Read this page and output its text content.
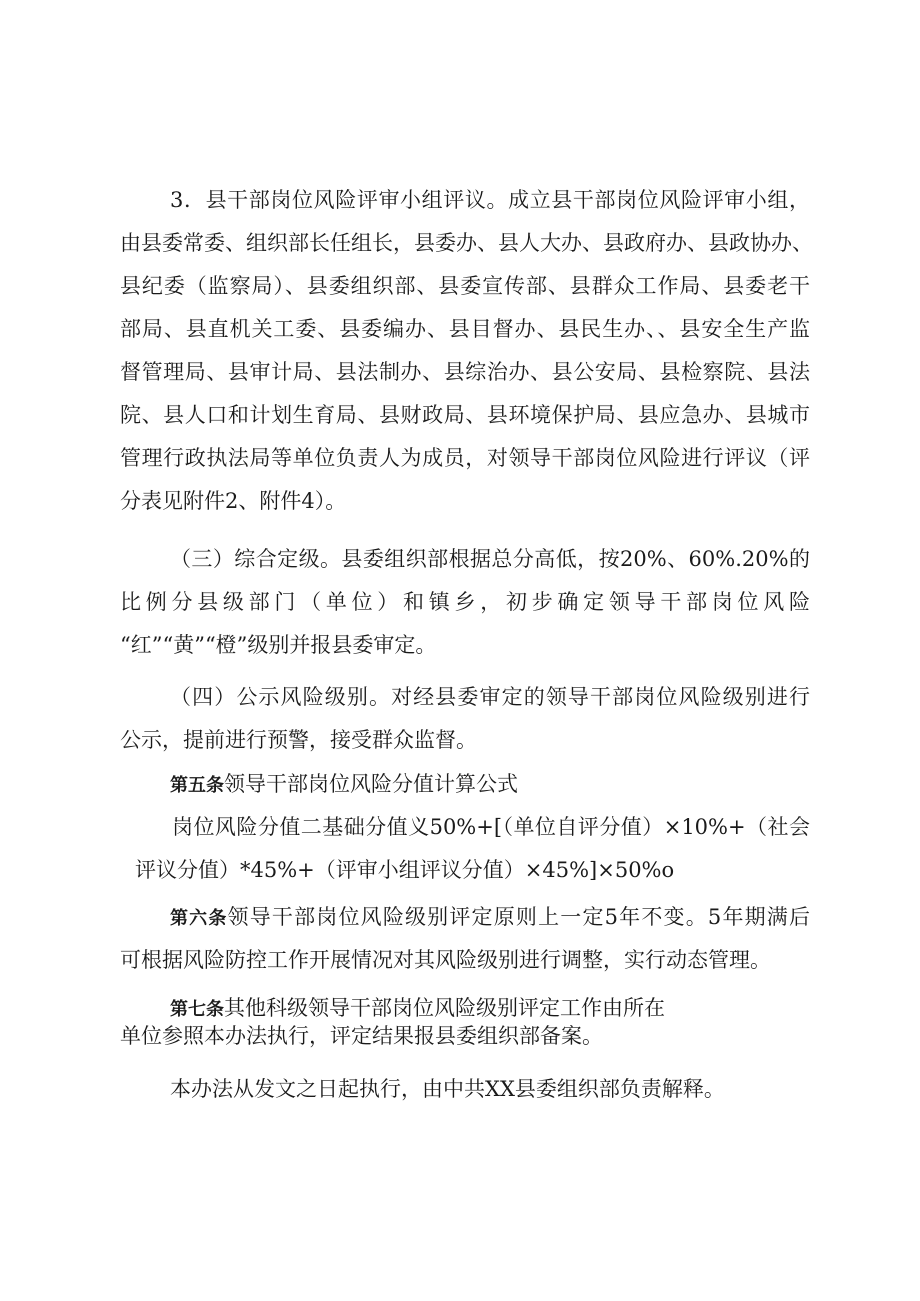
3．县干部岗位风险评审小组评议。成立县干部岗位风险评审小组，
由县委常委、组织部长任组长，县委办、县人大办、县政府办、县政协办、
县纪委（监察局）、县委组织部、县委宣传部、县群众工作局、县委老干
部局、县直机关工委、县委编办、县目督办、县民生办、、县安全生产监
督管理局、县审计局、县法制办、县综治办、县公安局、县检察院、县法
院、县人口和计划生育局、县财政局、县环境保护局、县应急办、县城市
管理行政执法局等单位负责人为成员，对领导干部岗位风险进行评议（评
分表见附件2、附件4）。
（三）综合定级。县委组织部根据总分高低，按20%、60%.20%的
比例分县级部门（单位）和镇乡，初步确定领导干部岗位风险
“红”“黄”“橙”级别并报县委审定。
（四）公示风险级别。对经县委审定的领导干部岗位风险级别进行
公示，提前进行预警，接受群众监督。
第五条领导干部岗位风险分值计算公式
岗位风险分值二基础分值义50%+[（单位自评分值）×10%+（社会
评议分值）*45%+（评审小组评议分值）×45%]×50%o
第六条领导干部岗位风险级别评定原则上一定5年不变。5年期满后
可根据风险防控工作开展情况对其风险级别进行调整，实行动态管理。
第七条其他科级领导干部岗位风险级别评定工作由所在
单位参照本办法执行，评定结果报县委组织部备案。
本办法从发文之日起执行，由中共XX县委组织部负责解释。
